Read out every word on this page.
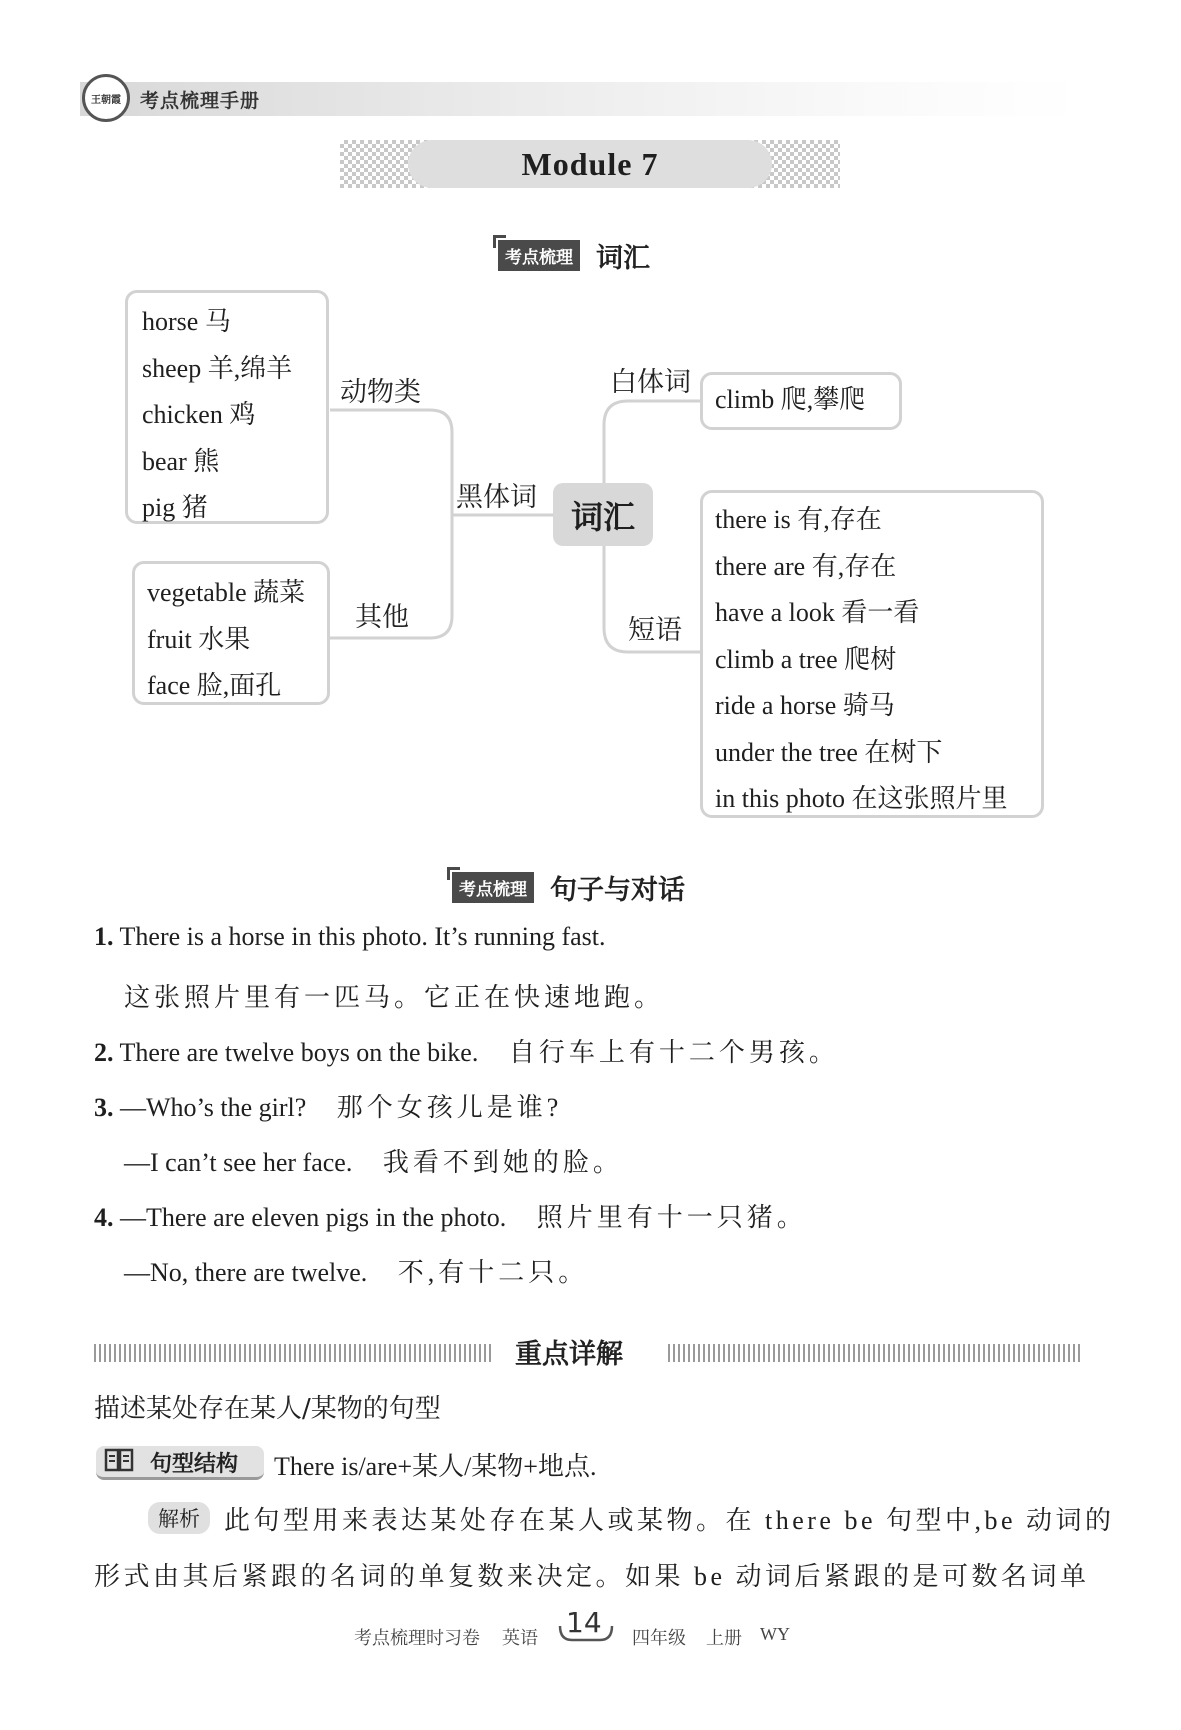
王朝霞 考点梳理手册
Module 7
考点梳理 词汇
horse 马
sheep 羊,绵羊
chicken 鸡
bear 熊
pig 猪
动物类
vegetable 蔬菜
fruit 水果
face 脸,面孔
其他
黑体词	词汇
白体词
climb 爬,攀爬
短语
there is 有,存在
there are 有,存在
have a look 看一看
climb a tree 爬树
ride a horse 骑马
under the tree 在树下
in this photo 在这张照片里
考点梳理 句子与对话
1. There is a horse in this photo. It’s running fast.
这张照片里有一匹马。它正在快速地跑。
2. There are twelve boys on the bike. 自行车上有十二个男孩。
3. —Who’s the girl? 那个女孩儿是谁?
—I can’t see her face. 我看不到她的脸。
4. —There are eleven pigs in the photo. 照片里有十一只猪。
—No, there are twelve. 不,有十二只。
重点详解
描述某处存在某人/某物的句型
句型结构 There is/are+某人/某物+地点.
解析 此句型用来表达某处存在某人或某物。在 there be 句型中,be 动词的
形式由其后紧跟的名词的单复数来决定。如果 be 动词后紧跟的是可数名词单
考点梳理时习卷 英语 14 四年级 上册 WY
